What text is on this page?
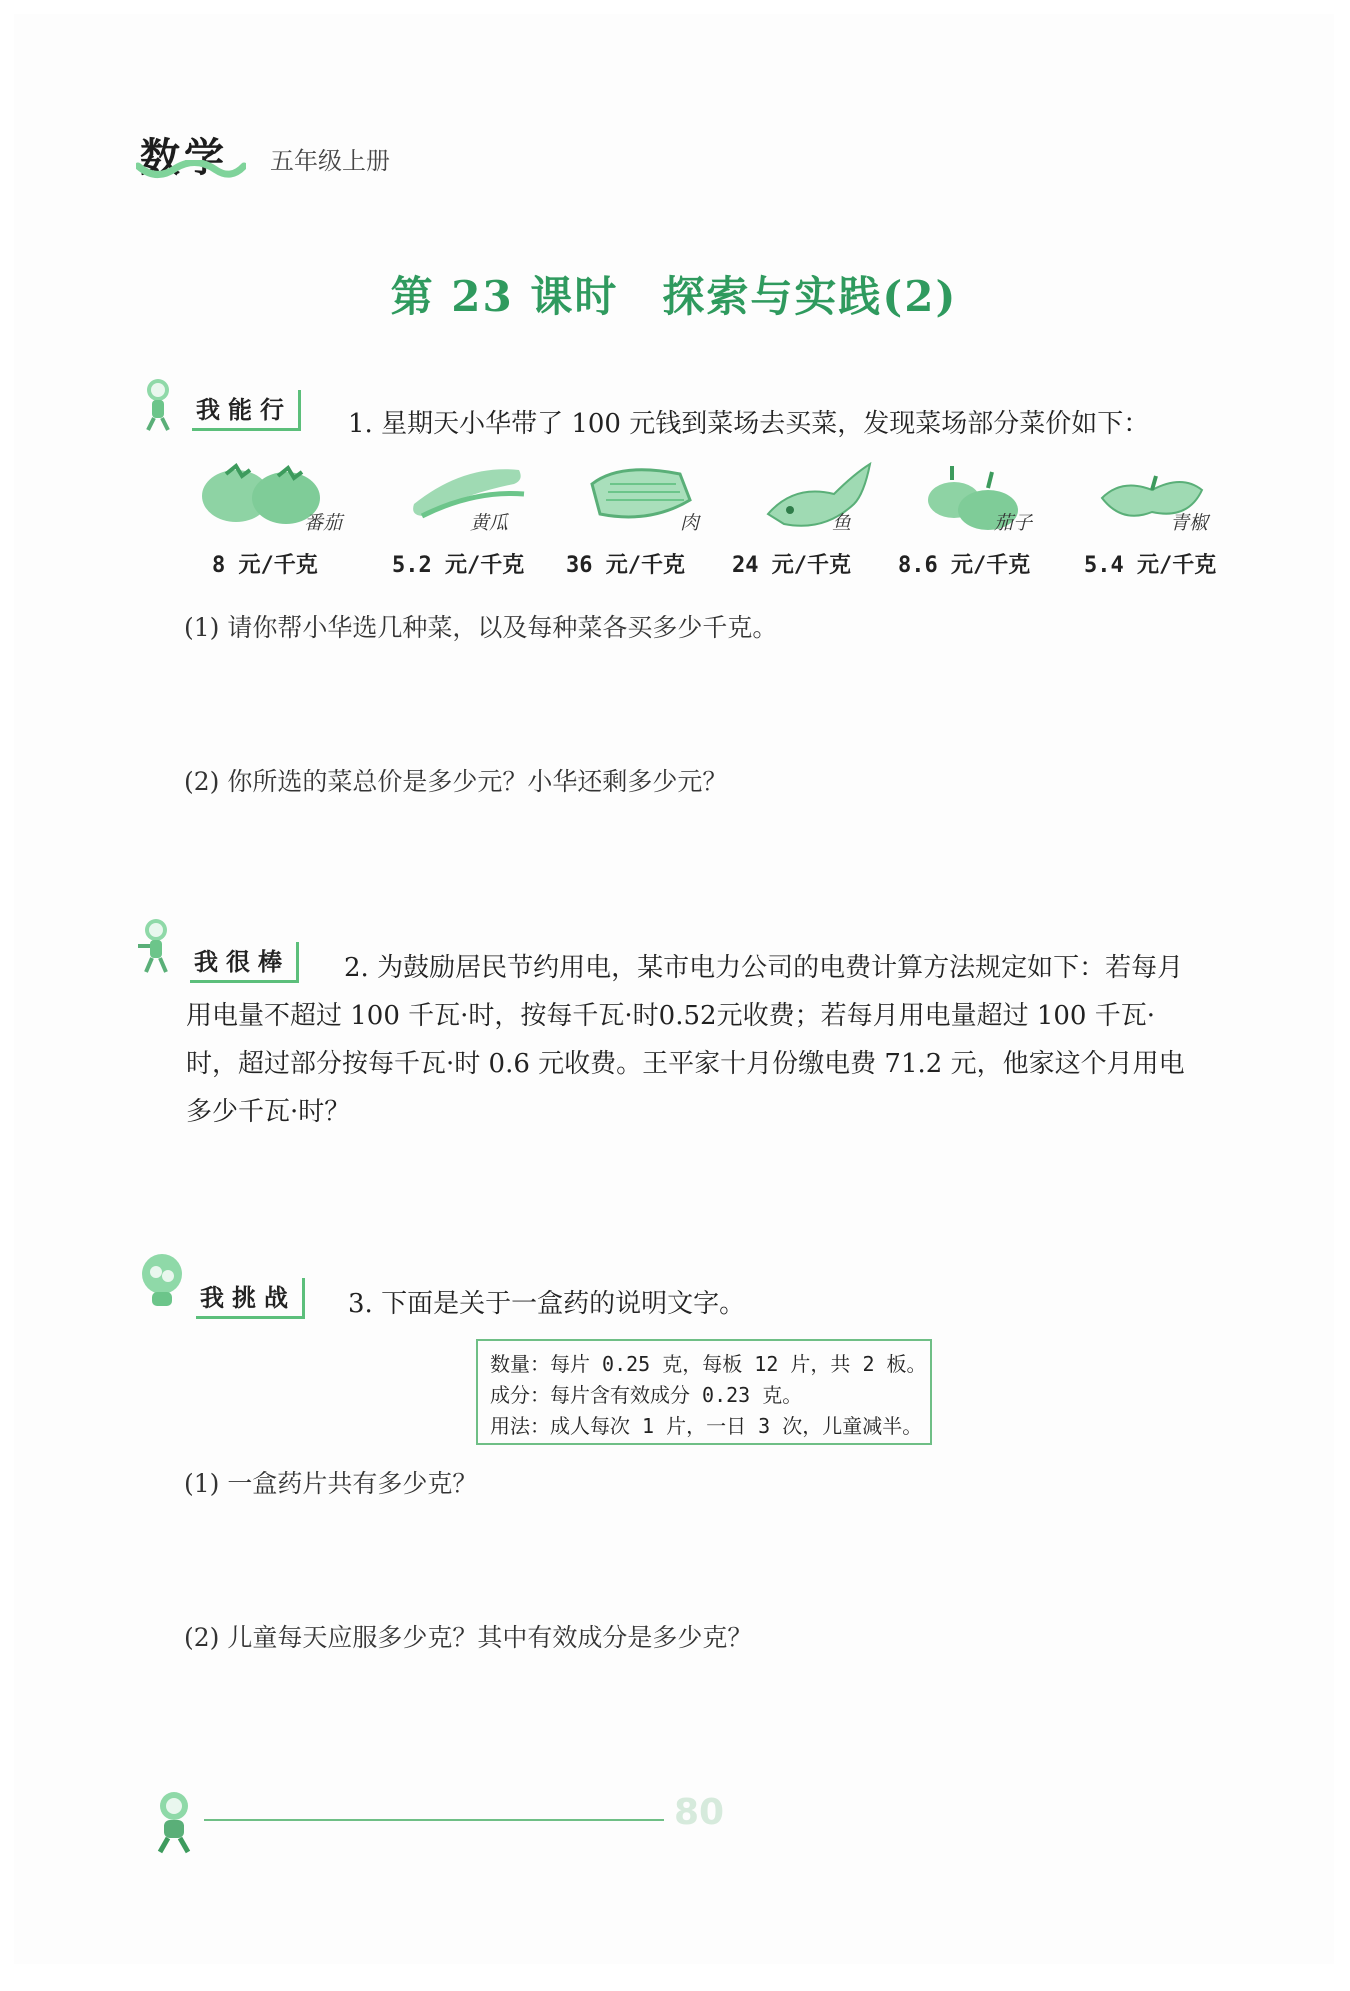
数学 五年级上册
第 23 课时　探索与实践(2)
我能行	1. 星期天小华带了 100 元钱到菜场去买菜，发现菜场部分菜价如下：
番茄	黄瓜	肉	鱼	茄子	青椒
8 元/千克	5.2 元/千克 36 元/千克 24 元/千克 8.6 元/千克 5.4 元/千克
(1) 请你帮小华选几种菜，以及每种菜各买多少千克。
(2) 你所选的菜总价是多少元？小华还剩多少元？
我很棒	2. 为鼓励居民节约用电，某市电力公司的电费计算方法规定如下：若每月
用电量不超过 100 千瓦·时，按每千瓦·时0.52元收费；若每月用电量超过 100 千瓦·
时，超过部分按每千瓦·时 0.6 元收费。王平家十月份缴电费 71.2 元，他家这个月用电
多少千瓦·时？
我挑战	3. 下面是关于一盒药的说明文字。
数量：每片 0.25 克，每板 12 片，共 2 板。
成分：每片含有效成分 0.23 克。
用法：成人每次 1 片，一日 3 次，儿童减半。
(1) 一盒药片共有多少克？
(2) 儿童每天应服多少克？其中有效成分是多少克？
80
